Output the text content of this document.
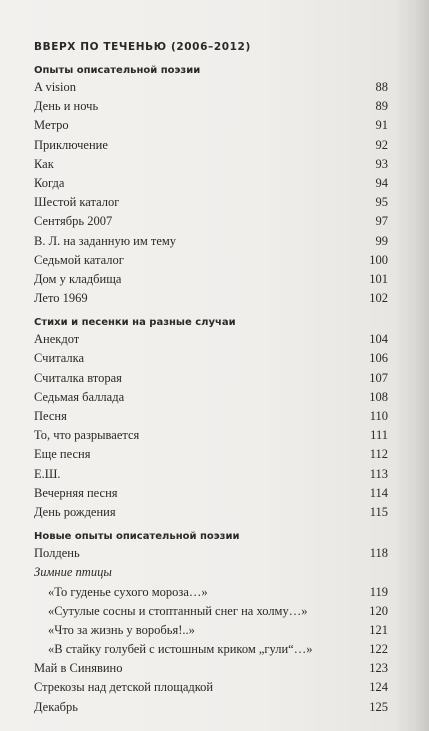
ВВЕРХ ПО ТЕЧЕНЬЮ (2006–2012)
Опыты описательной поэзии
A vision	88
День и ночь	89
Метро	91
Приключение	92
Как	93
Когда	94
Шестой каталог	95
Сентябрь 2007	97
В. Л. на заданную им тему	99
Седьмой каталог	100
Дом у кладбища	101
Лето 1969	102
Стихи и песенки на разные случаи
Анекдот	104
Считалка	106
Считалка вторая	107
Седьмая баллада	108
Песня	110
То, что разрывается	111
Еще песня	112
Е.Ш.	113
Вечерняя песня	114
День рождения	115
Новые опыты описательной поэзии
Полдень	118
Зимние птицы
«То гуденье сухого мороза…»	119
«Сутулые сосны и стоптанный снег на холму…»	120
«Что за жизнь у воробья!..»	121
«В стайку голубей с истошным криком „гули“…»	122
Май в Синявино	123
Стрекозы над детской площадкой	124
Декабрь	125
